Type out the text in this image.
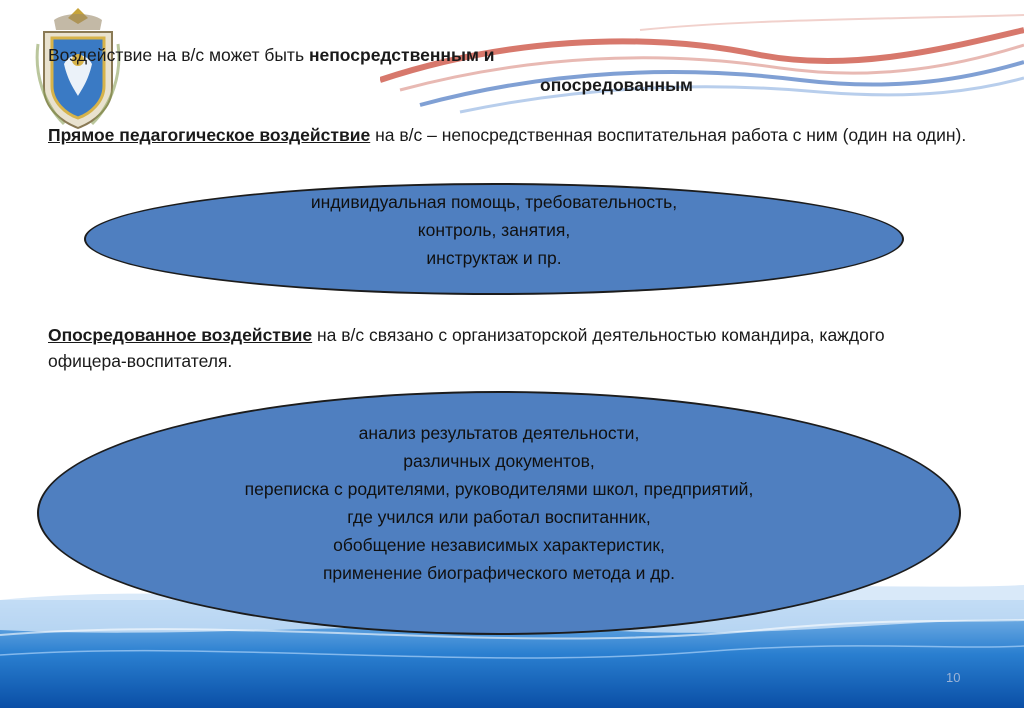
Воздействие на в/с может быть непосредственным и
опосредованным
Прямое педагогическое воздействие на в/с – непосредственная воспитательная работа с ним (один на один).
индивидуальная помощь, требовательность,
контроль, занятия,
инструктаж и пр.
Опосредованное воздействие на в/с связано с организаторской деятельностью командира, каждого офицера-воспитателя.
анализ результатов деятельности,
различных документов,
переписка с родителями, руководителями школ, предприятий,
где учился или работал воспитанник,
обобщение независимых характеристик,
применение биографического метода и др.
10
